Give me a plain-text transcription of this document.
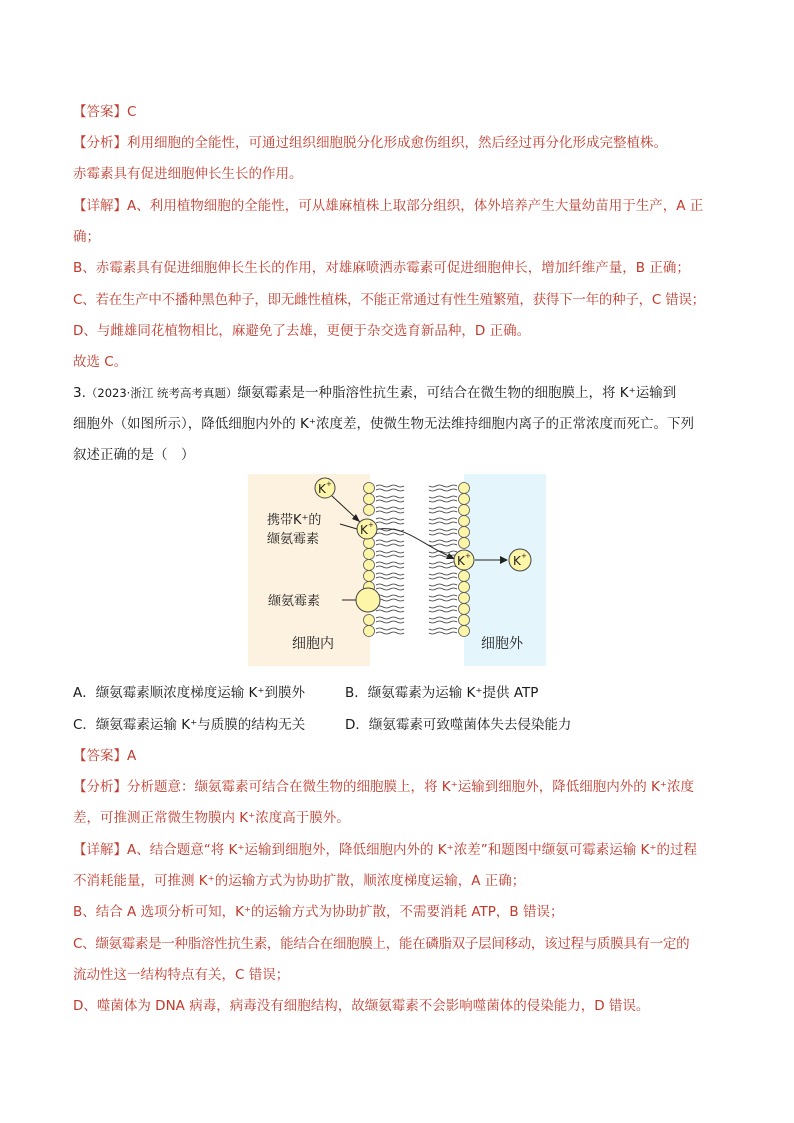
【答案】C
【分析】利用细胞的全能性，可通过组织细胞脱分化形成愈伤组织，然后经过再分化形成完整植株。
赤霉素具有促进细胞伸长生长的作用。
【详解】A、利用植物细胞的全能性，可从雄麻植株上取部分组织，体外培养产生大量幼苗用于生产，A 正
确；
B、赤霉素具有促进细胞伸长生长的作用，对雄麻喷洒赤霉素可促进细胞伸长，增加纤维产量，B 正确；
C、若在生产中不播种黑色种子，即无雌性植株，不能正常通过有性生殖繁殖，获得下一年的种子，C 错误；
D、与雌雄同花植物相比，麻避免了去雄，更便于杂交选育新品种，D 正确。
故选 C。
3.（2023·浙江 统考高考真题）缬氨霉素是一种脂溶性抗生素，可结合在微生物的细胞膜上，将 K⁺运输到
细胞外（如图所示），降低细胞内外的 K⁺浓度差，使微生物无法维持细胞内离子的正常浓度而死亡。下列
叙述正确的是（　）
K +
K +
K +	K +
携带K⁺的
缬氨霉素
缬氨霉素
细胞内	细胞外
A．缬氨霉素顺浓度梯度运输 K⁺到膜外	B．缬氨霉素为运输 K⁺提供 ATP
C．缬氨霉素运输 K⁺与质膜的结构无关	D．缬氨霉素可致噬菌体失去侵染能力
【答案】A
【分析】分析题意：缬氨霉素可结合在微生物的细胞膜上，将 K⁺运输到细胞外，降低细胞内外的 K⁺浓度
差，可推测正常微生物膜内 K⁺浓度高于膜外。
【详解】A、结合题意“将 K⁺运输到细胞外，降低细胞内外的 K⁺浓差”和题图中缬氨可霉素运输 K⁺的过程
不消耗能量，可推测 K⁺的运输方式为协助扩散，顺浓度梯度运输，A 正确；
B、结合 A 选项分析可知，K⁺的运输方式为协助扩散，不需要消耗 ATP，B 错误；
C、缬氨霉素是一种脂溶性抗生素，能结合在细胞膜上，能在磷脂双子层间移动，该过程与质膜具有一定的
流动性这一结构特点有关，C 错误；
D、噬菌体为 DNA 病毒，病毒没有细胞结构，故缬氨霉素不会影响噬菌体的侵染能力，D 错误。
